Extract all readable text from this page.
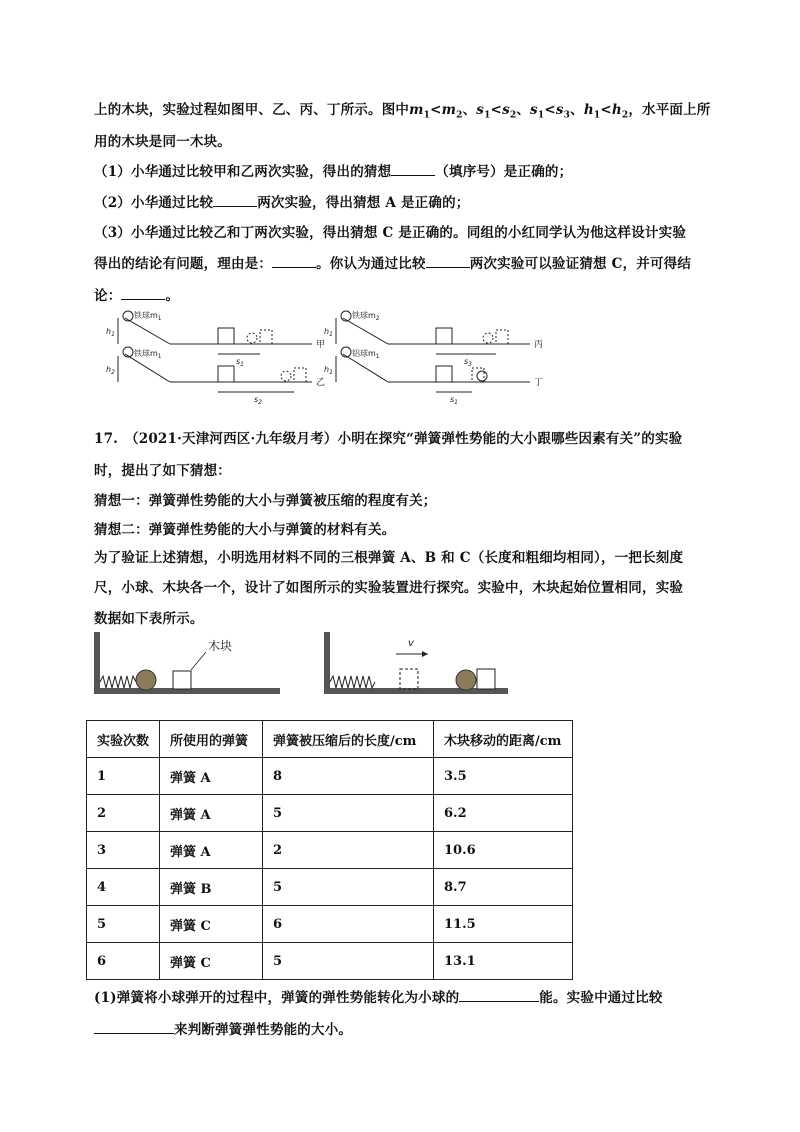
上的木块，实验过程如图甲、乙、丙、丁所示。图中$m_1<m_2$、$s_1<s_2$、$s_1<s_3$、$h_1<h_2$，水平面上所
用的木块是同一木块。
（1）小华通过比较甲和乙两次实验，得出的猜想	（填序号）是正确的；
（2）小华通过比较	两次实验，得出猜想 A 是正确的；
（3）小华通过比较乙和丁两次实验，得出猜想 C 是正确的。同组的小红同学认为他这样设计实验
得出的结论有问题，理由是：	。你认为通过比较	两次实验可以验证猜想 C，并可得结
论：	。
铁球$m_1$
$h_1$
$s_1$
甲
铁球$m_2$
$h_1$
$s_3$
丙
铁球$m_1$
$h_2$
$s_2$
乙
铝球$m_1$
$h_1$
$s_1$
丁
17.　（2021·天津河西区·九年级月考）小明在探究“弹簧弹性势能的大小跟哪些因素有关”的实验
时，提出了如下猜想：
猜想一：弹簧弹性势能的大小与弹簧被压缩的程度有关；
猜想二：弹簧弹性势能的大小与弹簧的材料有关。
为了验证上述猜想，小明选用材料不同的三根弹簧 A、B 和 C（长度和粗细均相同），一把长刻度
尺，小球、木块各一个，设计了如图所示的实验装置进行探究。实验中，木块起始位置相同，实验
数据如下表所示。
木块	v
实验次数	所使用的弹簧	弹簧被压缩后的长度/cm	木块移动的距离/cm
1	弹簧 A	8	3.5
2	弹簧 A	5	6.2
3	弹簧 A	2	10.6
4	弹簧 B	5	8.7
5	弹簧 C	6	11.5
6	弹簧 C	5	13.1
(1)弹簧将小球弹开的过程中，弹簧的弹性势能转化为小球的	能。实验中通过比较
来判断弹簧弹性势能的大小。
